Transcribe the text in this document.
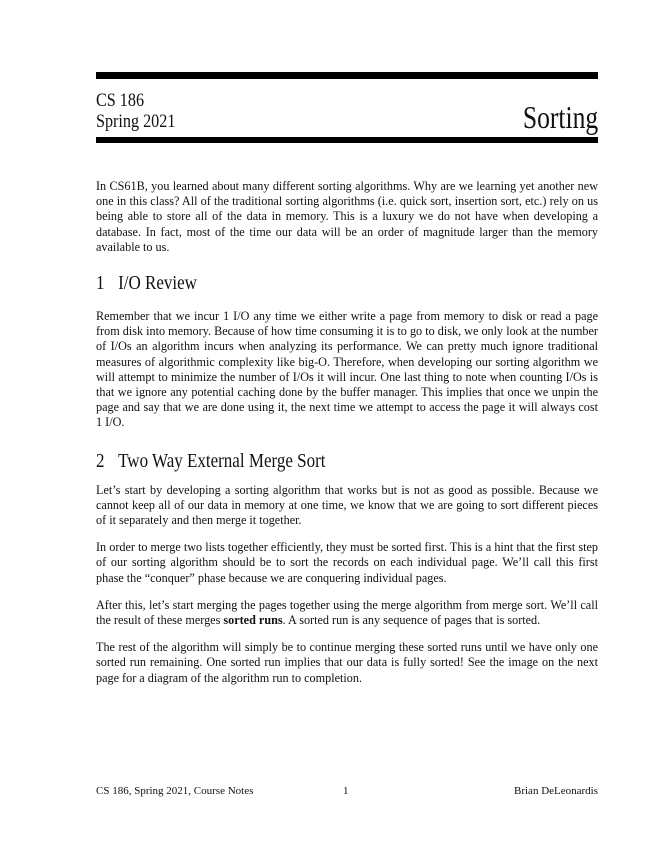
CS 186
Spring 2021	Sorting

In CS61B, you learned about many different sorting algorithms. Why are we learning yet another new one in this class? All of the traditional sorting algorithms (i.e. quick sort, insertion sort, etc.) rely on us being able to store all of the data in memory. This is a luxury we do not have when developing a database. In fact, most of the time our data will be an order of magnitude larger than the memory available to us.

1 I/O Review

Remember that we incur 1 I/O any time we either write a page from memory to disk or read a page from disk into memory. Because of how time consuming it is to go to disk, we only look at the number of I/Os an algorithm incurs when analyzing its performance. We can pretty much ignore traditional measures of algorithmic complexity like big-O. Therefore, when developing our sorting algorithm we will attempt to minimize the number of I/Os it will incur. One last thing to note when counting I/Os is that we ignore any potential caching done by the buffer manager. This implies that once we unpin the page and say that we are done using it, the next time we attempt to access the page it will always cost 1 I/O.

2 Two Way External Merge Sort

Let’s start by developing a sorting algorithm that works but is not as good as possible. Because we cannot keep all of our data in memory at one time, we know that we are going to sort different pieces of it separately and then merge it together.

In order to merge two lists together efficiently, they must be sorted first. This is a hint that the first step of our sorting algorithm should be to sort the records on each individual page. We’ll call this first phase the “conquer” phase because we are conquering individual pages.

After this, let’s start merging the pages together using the merge algorithm from merge sort. We’ll call the result of these merges sorted runs. A sorted run is any sequence of pages that is sorted.

The rest of the algorithm will simply be to continue merging these sorted runs until we have only one sorted run remaining. One sorted run implies that our data is fully sorted! See the image on the next page for a diagram of the algorithm run to completion.

CS 186, Spring 2021, Course Notes	1	Brian DeLeonardis
